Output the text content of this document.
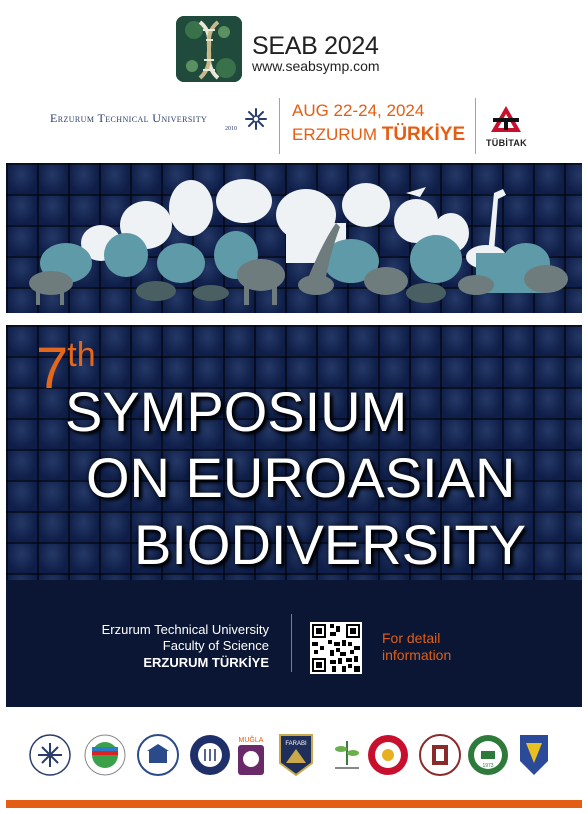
SEAB 2024
www.seabsymp.com
Erzurum Technical University
2010
AUG 22-24, 2024
ERZURUM TÜRKİYE TÜBİTAK
7th
SYMPOSIUM
ON EUROASIAN
BIODIVERSITY
Erzurum Technical University
Faculty of Science
ERZURUM TÜRKİYE
For detail
information
MUĞLA	FARABI
1973
